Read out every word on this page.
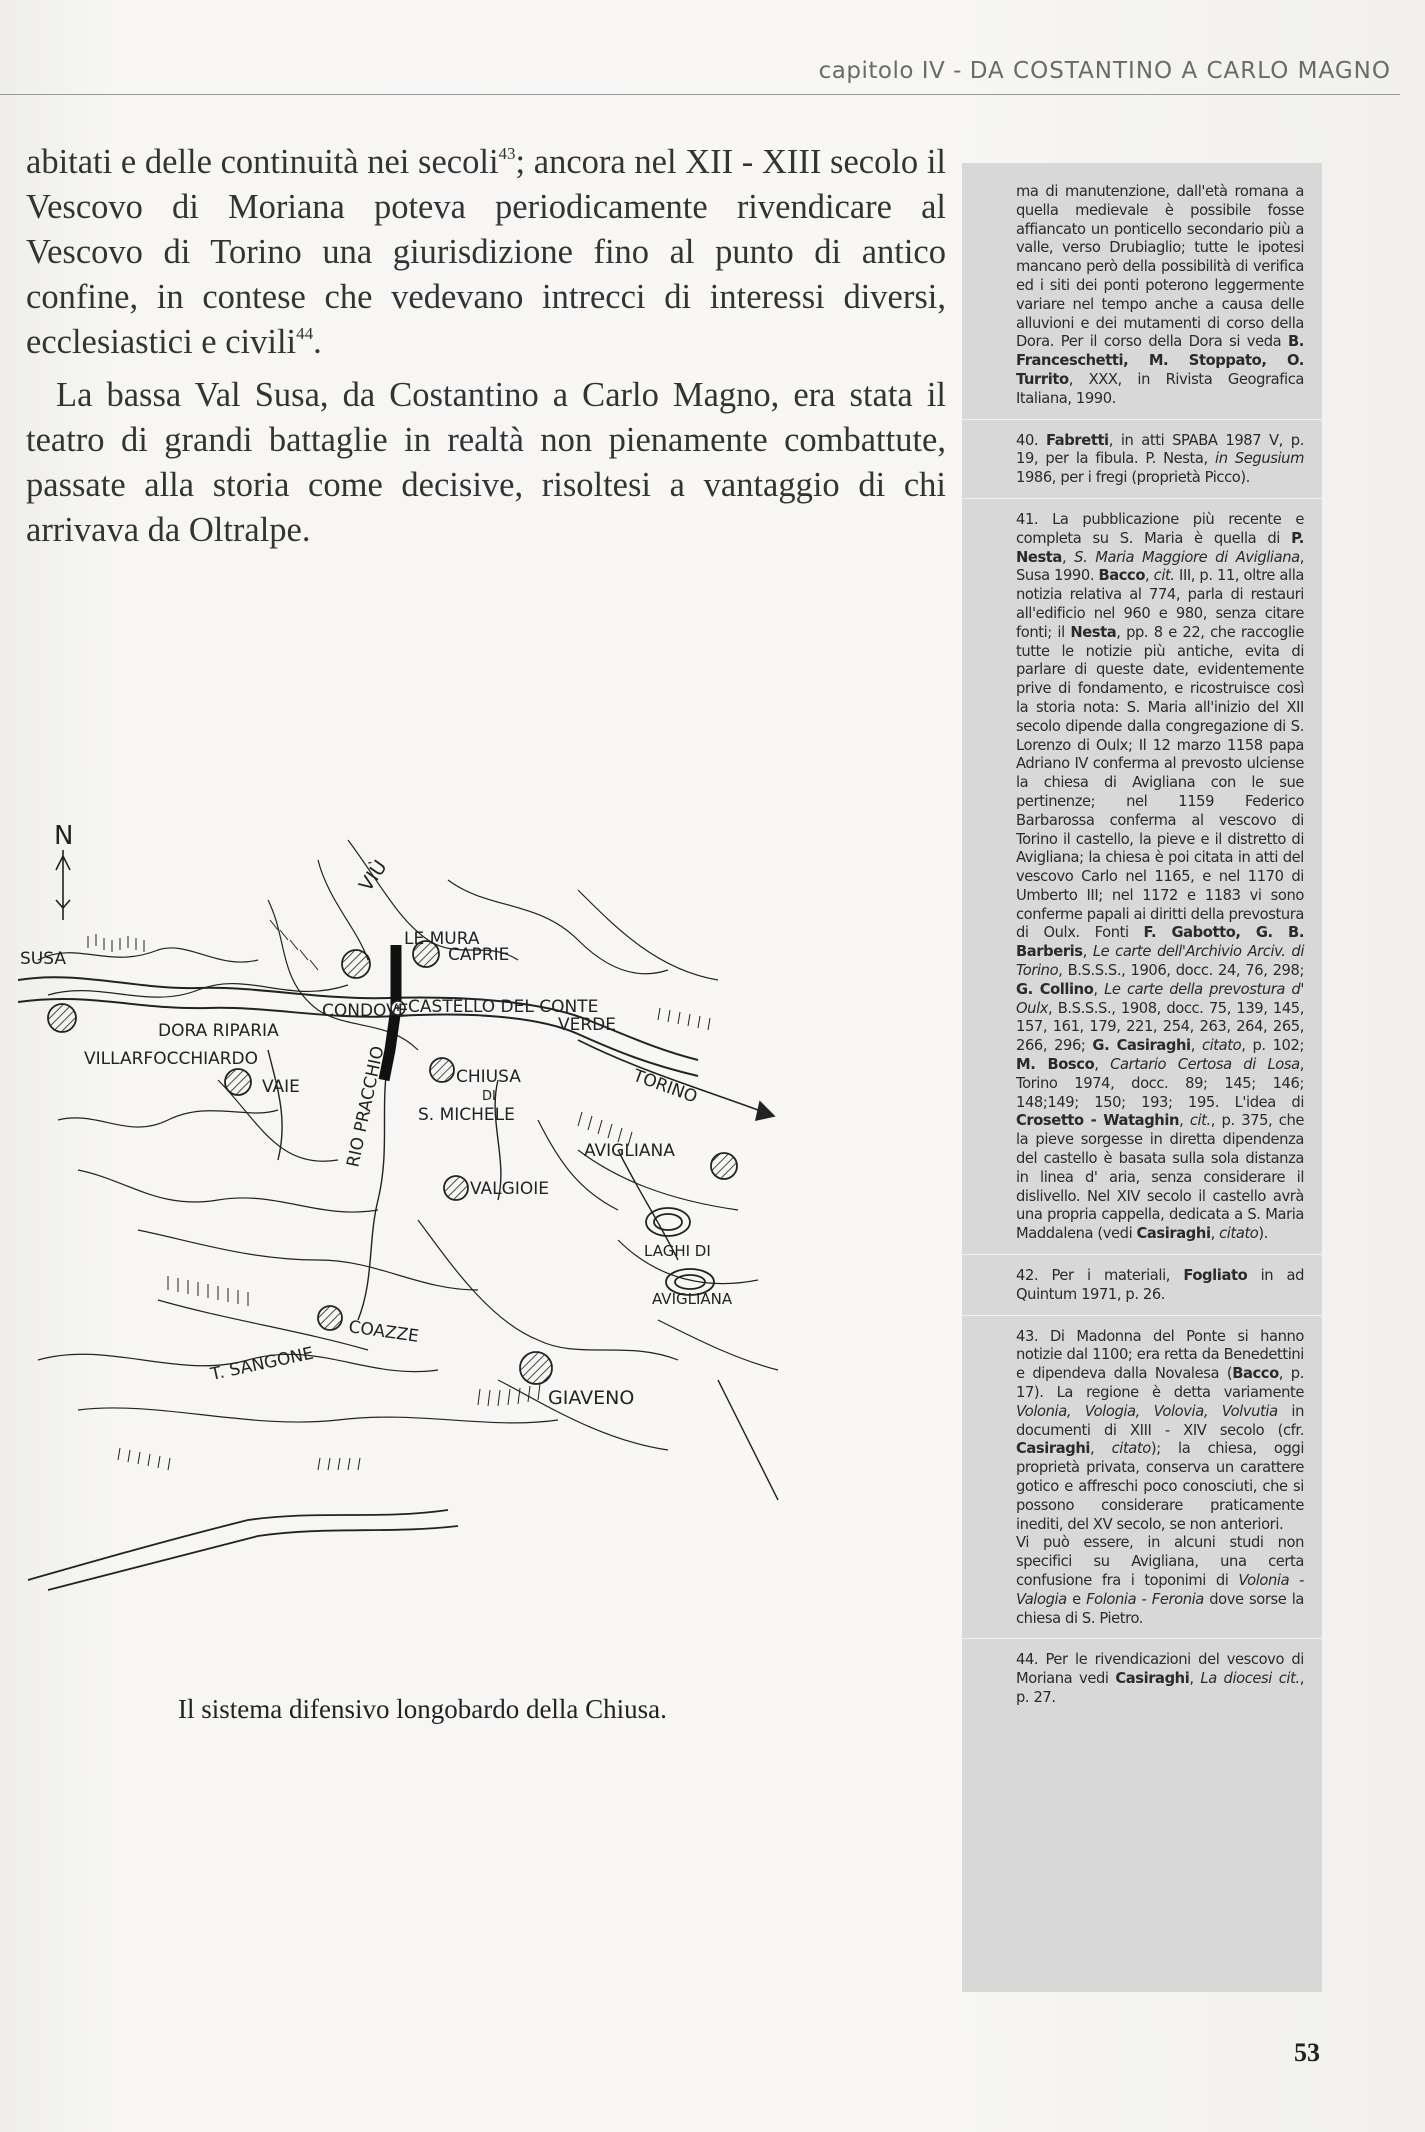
capitolo IV - DA COSTANTINO A CARLO MAGNO

abitati e delle continuità nei secoli$^{43}$; ancora nel XII - XIII secolo il Vescovo di Moriana poteva periodicamente rivendicare al Vescovo di Torino una giurisdizione fino al punto di antico confine, in contese che vedevano intrecci di interessi diversi, ecclesiastici e civili$^{44}$.

La bassa Val Susa, da Costantino a Carlo Magno, era stata il teatro di grandi battaglie in realtà non pienamente combattute, passate alla storia come decisive, risoltesi a vantaggio di chi arrivava da Oltralpe.

N
SUSA
VIÙ
LE MURA
CAPRIE
CONDOVE CASTELLO DEL CONTE
VERDE
DORA RIPARIA
VILLARFOCCHIARDO
TORINO
VAIE	CHIUSA
DI
S. MICHELE
RIO PRACCHIO	AVIGLIANA
VALGIOIE
LAGHI DI
AVIGLIANA
COAZZE
T. SANGONE
GIAVENO
Il sistema difensivo longobardo della Chiusa.

ma di manutenzione, dall'età romana a quella medievale è possibile fosse affiancato un ponticello secondario più a valle, verso Drubiaglio; tutte le ipotesi mancano però della possibilità di verifica ed i siti dei ponti poterono leggermente variare nel tempo anche a causa delle alluvioni e dei mutamenti di corso della Dora. Per il corso della Dora si veda B. Franceschetti, M. Stoppato, O. Turrito, XXX, in Rivista Geografica Italiana, 1990.

40. Fabretti, in atti SPABA 1987 V, p. 19, per la fibula. P. Nesta, in Segusium 1986, per i fregi (proprietà Picco).

41. La pubblicazione più recente e completa su S. Maria è quella di P. Nesta, S. Maria Maggiore di Avigliana, Susa 1990. Bacco, cit. III, p. 11, oltre alla notizia relativa al 774, parla di restauri all'edificio nel 960 e 980, senza citare fonti; il Nesta, pp. 8 e 22, che raccoglie tutte le notizie più antiche, evita di parlare di queste date, evidentemente prive di fondamento, e ricostruisce così la storia nota: S. Maria all'inizio del XII secolo dipende dalla congregazione di S. Lorenzo di Oulx; Il 12 marzo 1158 papa Adriano IV conferma al prevosto ulciense la chiesa di Avigliana con le sue pertinenze; nel 1159 Federico Barbarossa conferma al vescovo di Torino il castello, la pieve e il distretto di Avigliana; la chiesa è poi citata in atti del vescovo Carlo nel 1165, e nel 1170 di Umberto III; nel 1172 e 1183 vi sono conferme papali ai diritti della prevostura di Oulx. Fonti F. Gabotto, G. B. Barberis, Le carte dell'Archivio Arciv. di Torino, B.S.S.S., 1906, docc. 24, 76, 298; G. Collino, Le carte della prevostura d' Oulx, B.S.S.S., 1908, docc. 75, 139, 145, 157, 161, 179, 221, 254, 263, 264, 265, 266, 296; G. Casiraghi, citato, p. 102; M. Bosco, Cartario Certosa di Losa, Torino 1974, docc. 89; 145; 146; 148;149; 150; 193; 195. L'idea di Crosetto - Wataghin, cit., p. 375, che la pieve sorgesse in diretta dipendenza del castello è basata sulla sola distanza in linea d' aria, senza considerare il dislivello. Nel XIV secolo il castello avrà una propria cappella, dedicata a S. Maria Maddalena (vedi Casiraghi, citato).

42. Per i materiali, Fogliato in ad Quintum 1971, p. 26.

43. Di Madonna del Ponte si hanno notizie dal 1100; era retta da Benedettini e dipendeva dalla Novalesa (Bacco, p. 17). La regione è detta variamente Volonia, Vologia, Volovia, Volvutia in documenti di XIII - XIV secolo (cfr. Casiraghi, citato); la chiesa, oggi proprietà privata, conserva un carattere gotico e affreschi poco conosciuti, che si possono considerare praticamente inediti, del XV secolo, se non anteriori.

Vi può essere, in alcuni studi non specifici su Avigliana, una certa confusione fra i toponimi di Volonia - Valogia e Folonia - Feronia dove sorse la chiesa di S. Pietro.

44. Per le rivendicazioni del vescovo di Moriana vedi Casiraghi, La diocesi cit., p. 27.

53
